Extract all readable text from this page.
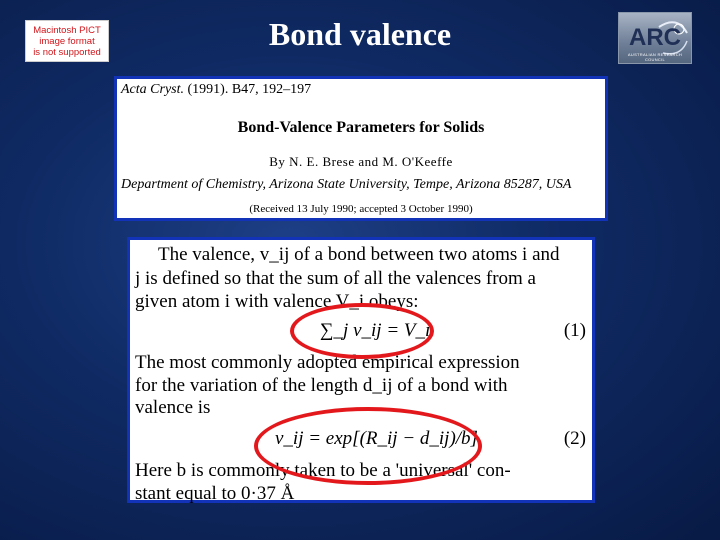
Bond valence
Macintosh PICT
image format
is not supported
ARC
AUSTRALIAN RESEARCH COUNCIL
Acta Cryst. (1991). B47, 192–197
Bond-Valence Parameters for Solids
By N. E. Brese and M. O'Keeffe
Department of Chemistry, Arizona State University, Tempe, Arizona 85287, USA
(Received 13 July 1990; accepted 3 October 1990)
The valence, v_ij of a bond between two atoms i and
j is defined so that the sum of all the valences from a
given atom i with valence V_i obeys:
∑_j v_ij = V_i.	(1)
The most commonly adopted empirical expression
for the variation of the length d_ij of a bond with
valence is
v_ij = exp[(R_ij − d_ij)/b].	(2)
Here b is commonly taken to be a 'universal' con-
stant equal to 0·37 Å
